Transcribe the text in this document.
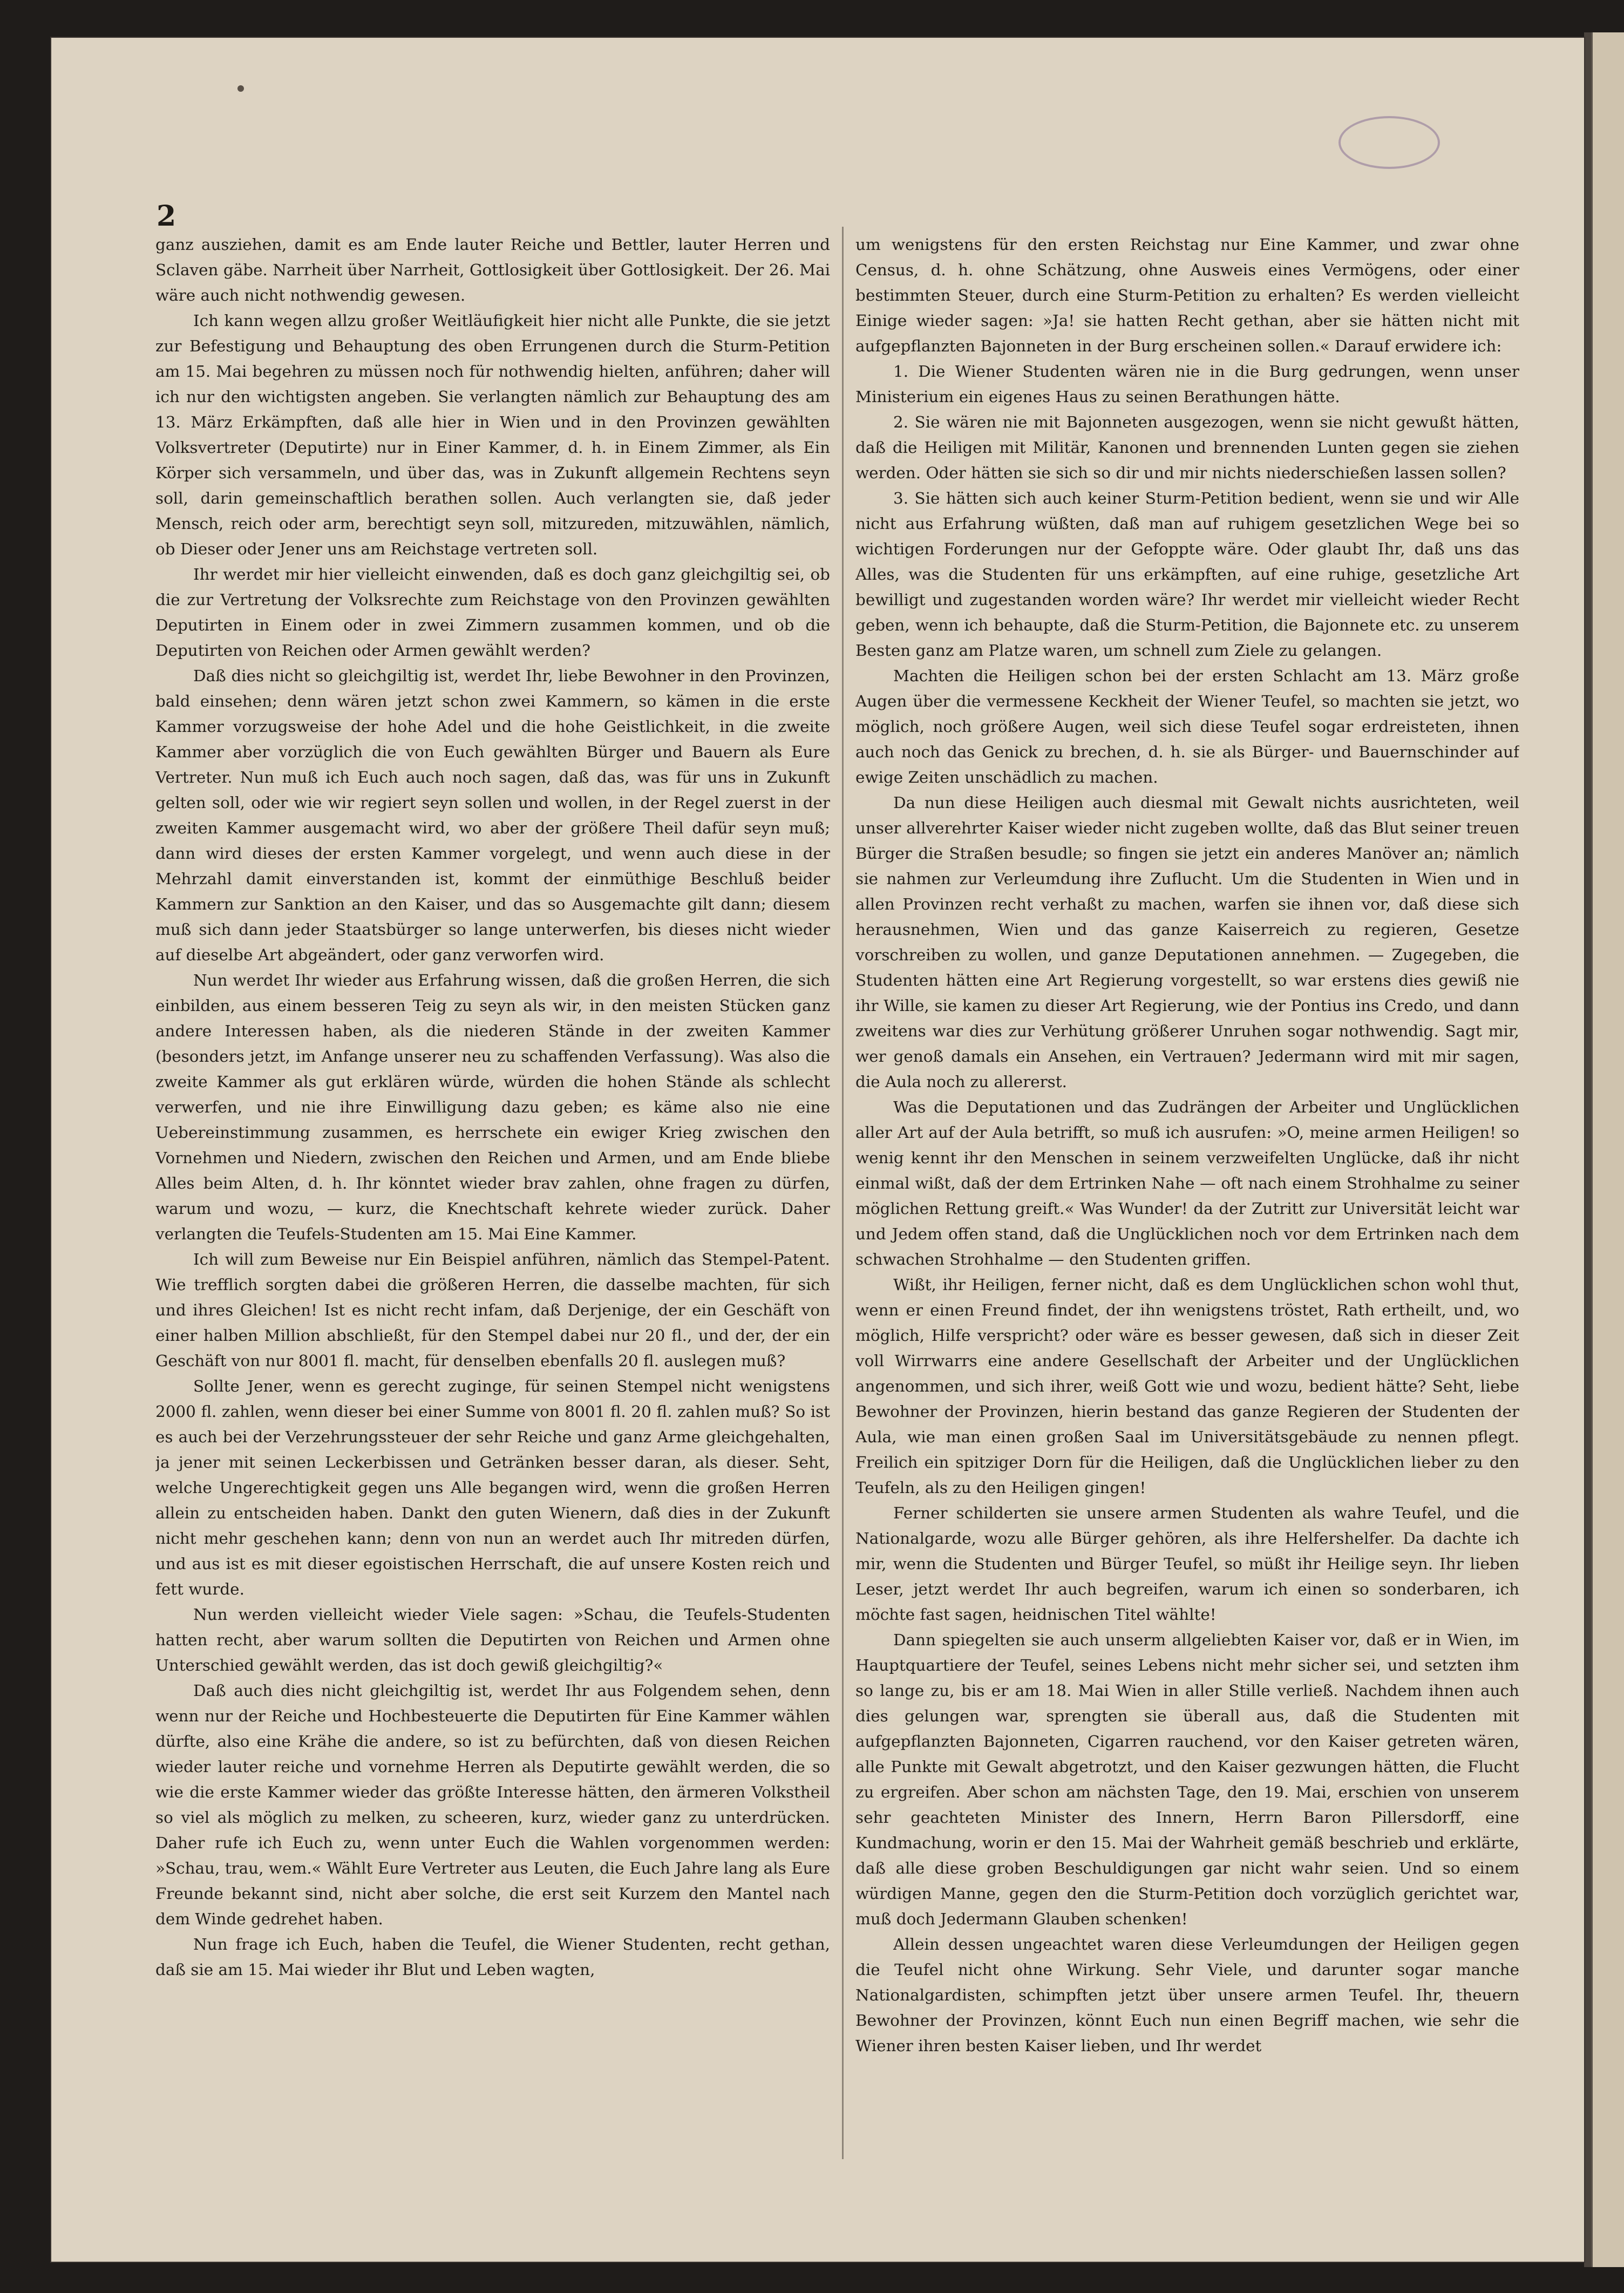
2

ganz ausziehen, damit es am Ende lauter Reiche und Bettler, lauter Herren und Sclaven gäbe. Narrheit über Narrheit, Gottlosigkeit über Gottlosigkeit. Der 26. Mai wäre auch nicht nothwendig gewesen.

Ich kann wegen allzu großer Weitläufigkeit hier nicht alle Punkte, die sie jetzt zur Befestigung und Behauptung des oben Errungenen durch die Sturm-Petition am 15. Mai begehren zu müssen noch für nothwendig hielten, anführen; daher will ich nur den wichtigsten angeben. Sie verlangten nämlich zur Behauptung des am 13. März Erkämpften, daß alle hier in Wien und in den Provinzen gewählten Volksvertreter (Deputirte) nur in Einer Kammer, d. h. in Einem Zimmer, als Ein Körper sich versammeln, und über das, was in Zukunft allgemein Rechtens seyn soll, darin gemeinschaftlich berathen sollen. Auch verlangten sie, daß jeder Mensch, reich oder arm, berechtigt seyn soll, mitzureden, mitzuwählen, nämlich, ob Dieser oder Jener uns am Reichstage vertreten soll.

Ihr werdet mir hier vielleicht einwenden, daß es doch ganz gleichgiltig sei, ob die zur Vertretung der Volksrechte zum Reichstage von den Provinzen gewählten Deputirten in Einem oder in zwei Zimmern zusammen kommen, und ob die Deputirten von Reichen oder Armen gewählt werden?

Daß dies nicht so gleichgiltig ist, werdet Ihr, liebe Bewohner in den Provinzen, bald einsehen; denn wären jetzt schon zwei Kammern, so kämen in die erste Kammer vorzugsweise der hohe Adel und die hohe Geistlichkeit, in die zweite Kammer aber vorzüglich die von Euch gewählten Bürger und Bauern als Eure Vertreter. Nun muß ich Euch auch noch sagen, daß das, was für uns in Zukunft gelten soll, oder wie wir regiert seyn sollen und wollen, in der Regel zuerst in der zweiten Kammer ausgemacht wird, wo aber der größere Theil dafür seyn muß; dann wird dieses der ersten Kammer vorgelegt, und wenn auch diese in der Mehrzahl damit einverstanden ist, kommt der einmüthige Beschluß beider Kammern zur Sanktion an den Kaiser, und das so Ausgemachte gilt dann; diesem muß sich dann jeder Staatsbürger so lange unterwerfen, bis dieses nicht wieder auf dieselbe Art abgeändert, oder ganz verworfen wird.

Nun werdet Ihr wieder aus Erfahrung wissen, daß die großen Herren, die sich einbilden, aus einem besseren Teig zu seyn als wir, in den meisten Stücken ganz andere Interessen haben, als die niederen Stände in der zweiten Kammer (besonders jetzt, im Anfange unserer neu zu schaffenden Verfassung). Was also die zweite Kammer als gut erklären würde, würden die hohen Stände als schlecht verwerfen, und nie ihre Einwilligung dazu geben; es käme also nie eine Uebereinstimmung zusammen, es herrschete ein ewiger Krieg zwischen den Vornehmen und Niedern, zwischen den Reichen und Armen, und am Ende bliebe Alles beim Alten, d. h. Ihr könntet wieder brav zahlen, ohne fragen zu dürfen, warum und wozu, — kurz, die Knechtschaft kehrete wieder zurück. Daher verlangten die Teufels-Studenten am 15. Mai Eine Kammer.

Ich will zum Beweise nur Ein Beispiel anführen, nämlich das Stempel-Patent. Wie trefflich sorgten dabei die größeren Herren, die dasselbe machten, für sich und ihres Gleichen! Ist es nicht recht infam, daß Derjenige, der ein Geschäft von einer halben Million abschließt, für den Stempel dabei nur 20 fl., und der, der ein Geschäft von nur 8001 fl. macht, für denselben ebenfalls 20 fl. auslegen muß?

Sollte Jener, wenn es gerecht zuginge, für seinen Stempel nicht wenigstens 2000 fl. zahlen, wenn dieser bei einer Summe von 8001 fl. 20 fl. zahlen muß? So ist es auch bei der Verzehrungssteuer der sehr Reiche und ganz Arme gleichgehalten, ja jener mit seinen Leckerbissen und Getränken besser daran, als dieser. Seht, welche Ungerechtigkeit gegen uns Alle begangen wird, wenn die großen Herren allein zu entscheiden haben. Dankt den guten Wienern, daß dies in der Zukunft nicht mehr geschehen kann; denn von nun an werdet auch Ihr mitreden dürfen, und aus ist es mit dieser egoistischen Herrschaft, die auf unsere Kosten reich und fett wurde.

Nun werden vielleicht wieder Viele sagen: »Schau, die Teufels-Studenten hatten recht, aber warum sollten die Deputirten von Reichen und Armen ohne Unterschied gewählt werden, das ist doch gewiß gleichgiltig?«

Daß auch dies nicht gleichgiltig ist, werdet Ihr aus Folgendem sehen, denn wenn nur der Reiche und Hochbesteuerte die Deputirten für Eine Kammer wählen dürfte, also eine Krähe die andere, so ist zu befürchten, daß von diesen Reichen wieder lauter reiche und vornehme Herren als Deputirte gewählt werden, die so wie die erste Kammer wieder das größte Interesse hätten, den ärmeren Volkstheil so viel als möglich zu melken, zu scheeren, kurz, wieder ganz zu unterdrücken. Daher rufe ich Euch zu, wenn unter Euch die Wahlen vorgenommen werden: »Schau, trau, wem.« Wählt Eure Vertreter aus Leuten, die Euch Jahre lang als Eure Freunde bekannt sind, nicht aber solche, die erst seit Kurzem den Mantel nach dem Winde gedrehet haben.

Nun frage ich Euch, haben die Teufel, die Wiener Studenten, recht gethan, daß sie am 15. Mai wieder ihr Blut und Leben wagten,

um wenigstens für den ersten Reichstag nur Eine Kammer, und zwar ohne Census, d. h. ohne Schätzung, ohne Ausweis eines Vermögens, oder einer bestimmten Steuer, durch eine Sturm-Petition zu erhalten? Es werden vielleicht Einige wieder sagen: »Ja! sie hatten Recht gethan, aber sie hätten nicht mit aufgepflanzten Bajonneten in der Burg erscheinen sollen.« Darauf erwidere ich:

1. Die Wiener Studenten wären nie in die Burg gedrungen, wenn unser Ministerium ein eigenes Haus zu seinen Berathungen hätte.

2. Sie wären nie mit Bajonneten ausgezogen, wenn sie nicht gewußt hätten, daß die Heiligen mit Militär, Kanonen und brennenden Lunten gegen sie ziehen werden. Oder hätten sie sich so dir und mir nichts niederschießen lassen sollen?

3. Sie hätten sich auch keiner Sturm-Petition bedient, wenn sie und wir Alle nicht aus Erfahrung wüßten, daß man auf ruhigem gesetzlichen Wege bei so wichtigen Forderungen nur der Gefoppte wäre. Oder glaubt Ihr, daß uns das Alles, was die Studenten für uns erkämpften, auf eine ruhige, gesetzliche Art bewilligt und zugestanden worden wäre? Ihr werdet mir vielleicht wieder Recht geben, wenn ich behaupte, daß die Sturm-Petition, die Bajonnete etc. zu unserem Besten ganz am Platze waren, um schnell zum Ziele zu gelangen.

Machten die Heiligen schon bei der ersten Schlacht am 13. März große Augen über die vermessene Keckheit der Wiener Teufel, so machten sie jetzt, wo möglich, noch größere Augen, weil sich diese Teufel sogar erdreisteten, ihnen auch noch das Genick zu brechen, d. h. sie als Bürger- und Bauernschinder auf ewige Zeiten unschädlich zu machen.

Da nun diese Heiligen auch diesmal mit Gewalt nichts ausrichteten, weil unser allverehrter Kaiser wieder nicht zugeben wollte, daß das Blut seiner treuen Bürger die Straßen besudle; so fingen sie jetzt ein anderes Manöver an; nämlich sie nahmen zur Verleumdung ihre Zuflucht. Um die Studenten in Wien und in allen Provinzen recht verhaßt zu machen, warfen sie ihnen vor, daß diese sich herausnehmen, Wien und das ganze Kaiserreich zu regieren, Gesetze vorschreiben zu wollen, und ganze Deputationen annehmen. — Zugegeben, die Studenten hätten eine Art Regierung vorgestellt, so war erstens dies gewiß nie ihr Wille, sie kamen zu dieser Art Regierung, wie der Pontius ins Credo, und dann zweitens war dies zur Verhütung größerer Unruhen sogar nothwendig. Sagt mir, wer genoß damals ein Ansehen, ein Vertrauen? Jedermann wird mit mir sagen, die Aula noch zu allererst.

Was die Deputationen und das Zudrängen der Arbeiter und Unglücklichen aller Art auf der Aula betrifft, so muß ich ausrufen: »O, meine armen Heiligen! so wenig kennt ihr den Menschen in seinem verzweifelten Unglücke, daß ihr nicht einmal wißt, daß der dem Ertrinken Nahe — oft nach einem Strohhalme zu seiner möglichen Rettung greift.« Was Wunder! da der Zutritt zur Universität leicht war und Jedem offen stand, daß die Unglücklichen noch vor dem Ertrinken nach dem schwachen Strohhalme — den Studenten griffen.

Wißt, ihr Heiligen, ferner nicht, daß es dem Unglücklichen schon wohl thut, wenn er einen Freund findet, der ihn wenigstens tröstet, Rath ertheilt, und, wo möglich, Hilfe verspricht? oder wäre es besser gewesen, daß sich in dieser Zeit voll Wirrwarrs eine andere Gesellschaft der Arbeiter und der Unglücklichen angenommen, und sich ihrer, weiß Gott wie und wozu, bedient hätte? Seht, liebe Bewohner der Provinzen, hierin bestand das ganze Regieren der Studenten der Aula, wie man einen großen Saal im Universitätsgebäude zu nennen pflegt. Freilich ein spitziger Dorn für die Heiligen, daß die Unglücklichen lieber zu den Teufeln, als zu den Heiligen gingen!

Ferner schilderten sie unsere armen Studenten als wahre Teufel, und die Nationalgarde, wozu alle Bürger gehören, als ihre Helfershelfer. Da dachte ich mir, wenn die Studenten und Bürger Teufel, so müßt ihr Heilige seyn. Ihr lieben Leser, jetzt werdet Ihr auch begreifen, warum ich einen so sonderbaren, ich möchte fast sagen, heidnischen Titel wählte!

Dann spiegelten sie auch unserm allgeliebten Kaiser vor, daß er in Wien, im Hauptquartiere der Teufel, seines Lebens nicht mehr sicher sei, und setzten ihm so lange zu, bis er am 18. Mai Wien in aller Stille verließ. Nachdem ihnen auch dies gelungen war, sprengten sie überall aus, daß die Studenten mit aufgepflanzten Bajonneten, Cigarren rauchend, vor den Kaiser getreten wären, alle Punkte mit Gewalt abgetrotzt, und den Kaiser gezwungen hätten, die Flucht zu ergreifen. Aber schon am nächsten Tage, den 19. Mai, erschien von unserem sehr geachteten Minister des Innern, Herrn Baron Pillersdorff, eine Kundmachung, worin er den 15. Mai der Wahrheit gemäß beschrieb und erklärte, daß alle diese groben Beschuldigungen gar nicht wahr seien. Und so einem würdigen Manne, gegen den die Sturm-Petition doch vorzüglich gerichtet war, muß doch Jedermann Glauben schenken!

Allein dessen ungeachtet waren diese Verleumdungen der Heiligen gegen die Teufel nicht ohne Wirkung. Sehr Viele, und darunter sogar manche Nationalgardisten, schimpften jetzt über unsere armen Teufel. Ihr, theuern Bewohner der Provinzen, könnt Euch nun einen Begriff machen, wie sehr die Wiener ihren besten Kaiser lieben, und Ihr werdet
